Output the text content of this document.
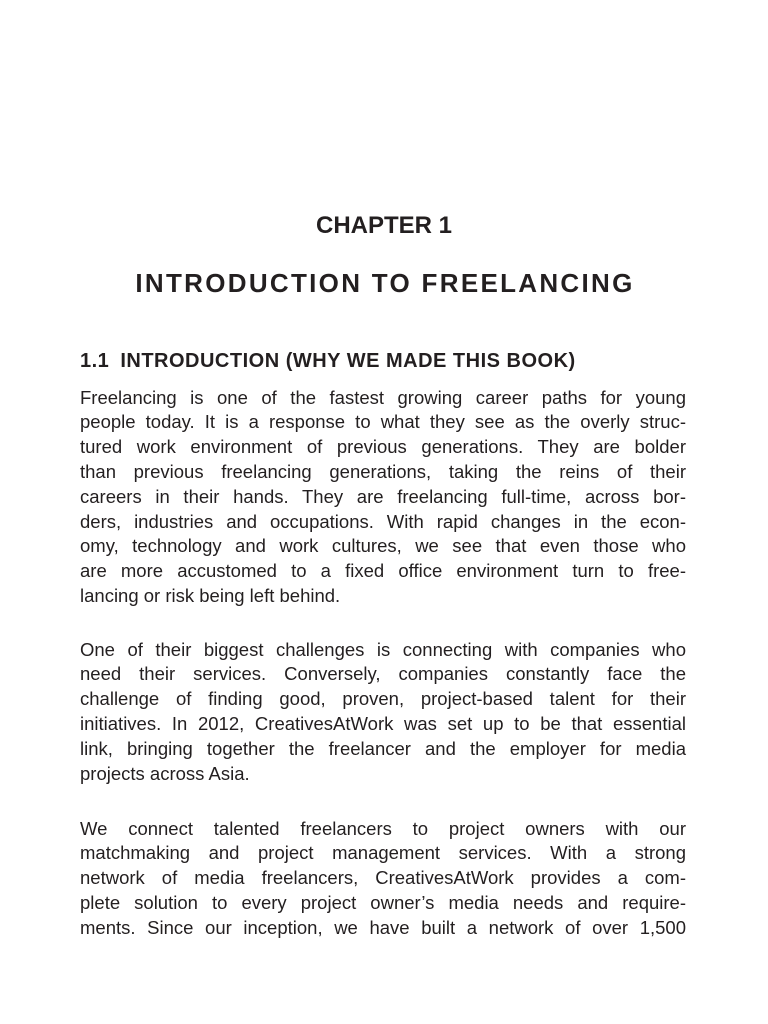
CHAPTER 1
INTRODUCTION TO FREELANCING
1.1 INTRODUCTION (WHY WE MADE THIS BOOK)
Freelancing is one of the fastest growing career paths for young
people today. It is a response to what they see as the overly struc-
tured work environment of previous generations. They are bolder
than previous freelancing generations, taking the reins of their
careers in their hands. They are freelancing full-time, across bor-
ders, industries and occupations. With rapid changes in the econ-
omy, technology and work cultures, we see that even those who
are more accustomed to a fixed office environment turn to free-
lancing or risk being left behind.
One of their biggest challenges is connecting with companies who
need their services. Conversely, companies constantly face the
challenge of finding good, proven, project-based talent for their
initiatives. In 2012, CreativesAtWork was set up to be that essential
link, bringing together the freelancer and the employer for media
projects across Asia.
We connect talented freelancers to project owners with our
matchmaking and project management services. With a strong
network of media freelancers, CreativesAtWork provides a com-
plete solution to every project owner’s media needs and require-
ments. Since our inception, we have built a network of over 1,500
